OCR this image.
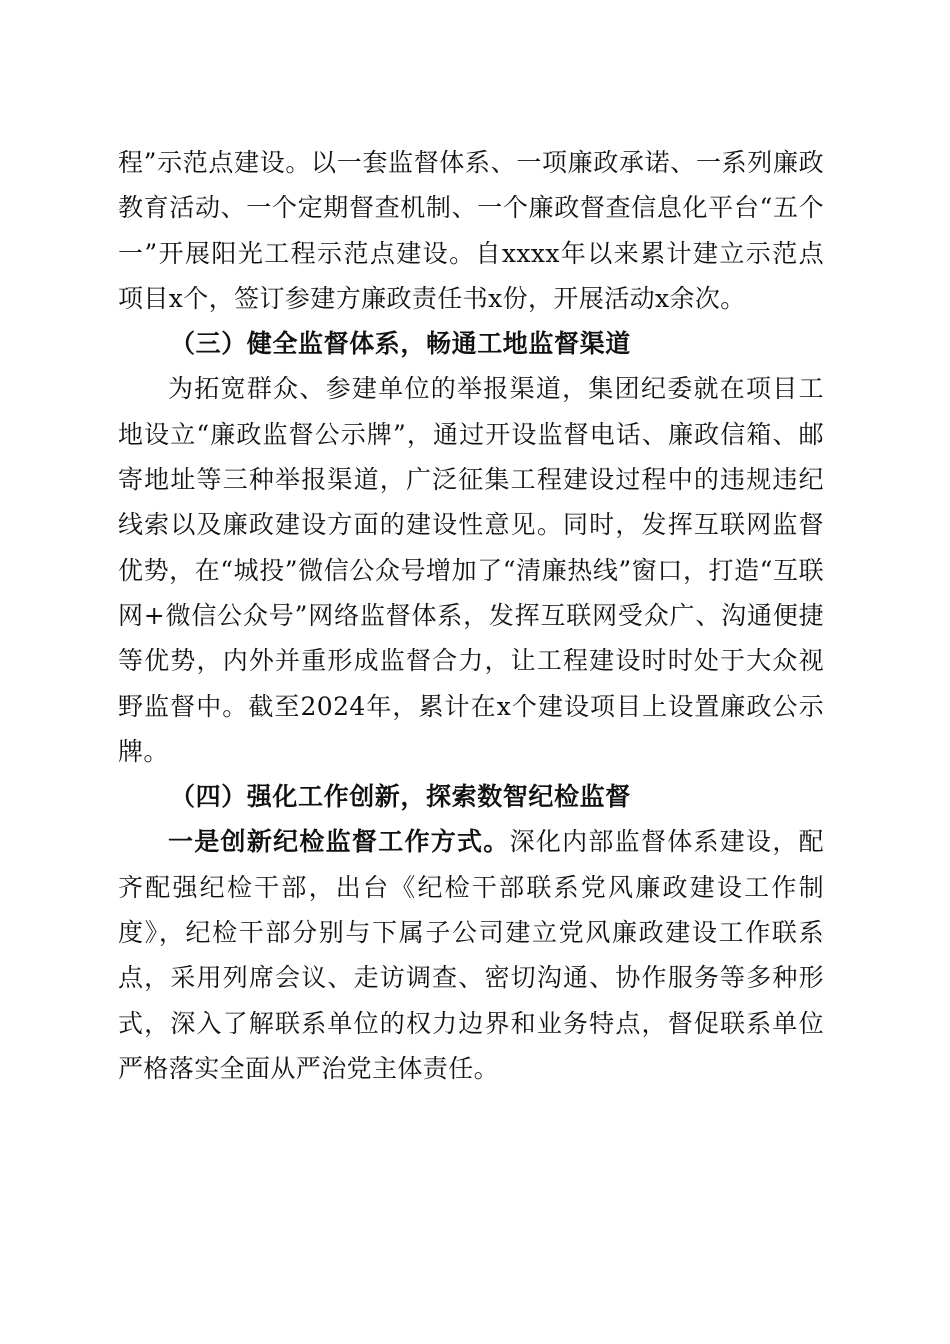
程”示范点建设。以一套监督体系、一项廉政承诺、一系列廉政教育活动、一个定期督查机制、一个廉政督查信息化平台“五个一”开展阳光工程示范点建设。自xxxx年以来累计建立示范点项目x个，签订参建方廉政责任书x份，开展活动x余次。

（三）健全监督体系，畅通工地监督渠道

为拓宽群众、参建单位的举报渠道，集团纪委就在项目工地设立“廉政监督公示牌”，通过开设监督电话、廉政信箱、邮寄地址等三种举报渠道，广泛征集工程建设过程中的违规违纪线索以及廉政建设方面的建设性意见。同时，发挥互联网监督优势，在“城投”微信公众号增加了“清廉热线”窗口，打造“互联网+微信公众号”网络监督体系，发挥互联网受众广、沟通便捷等优势，内外并重形成监督合力，让工程建设时时处于大众视野监督中。截至2024年，累计在x个建设项目上设置廉政公示牌。

（四）强化工作创新，探索数智纪检监督

一是创新纪检监督工作方式。深化内部监督体系建设，配齐配强纪检干部，出台《纪检干部联系党风廉政建设工作制度》，纪检干部分别与下属子公司建立党风廉政建设工作联系点，采用列席会议、走访调查、密切沟通、协作服务等多种形式，深入了解联系单位的权力边界和业务特点，督促联系单位严格落实全面从严治党主体责任。
